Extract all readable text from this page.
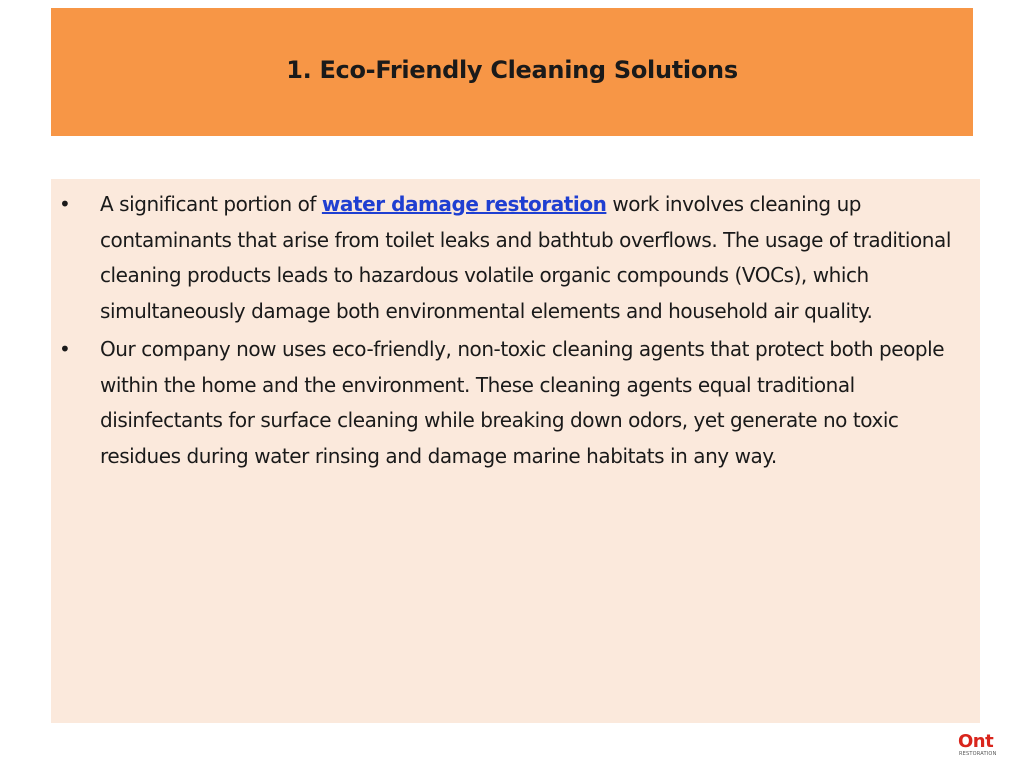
1. Eco-Friendly Cleaning Solutions
• A significant portion of water damage restoration work involves cleaning up contaminants that arise from toilet leaks and bathtub overflows. The usage of traditional cleaning products leads to hazardous volatile organic compounds (VOCs), which simultaneously damage both environmental elements and household air quality.
• Our company now uses eco-friendly, non-toxic cleaning agents that protect both people within the home and the environment. These cleaning agents equal traditional disinfectants for surface cleaning while breaking down odors, yet generate no toxic residues during water rinsing and damage marine habitats in any way.
Ont
RESTORATION
